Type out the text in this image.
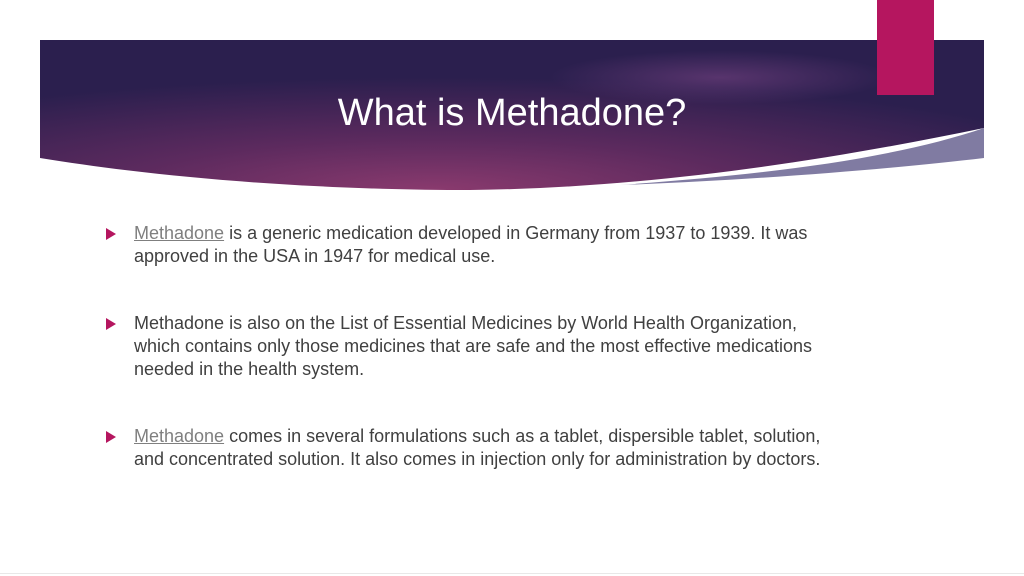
What is Methadone?
Methadone is a generic medication developed in Germany from 1937 to 1939. It was approved in the USA in 1947 for medical use.
Methadone is also on the List of Essential Medicines by World Health Organization, which contains only those medicines that are safe and the most effective medications needed in the health system.
Methadone comes in several formulations such as a tablet, dispersible tablet, solution, and concentrated solution. It also comes in injection only for administration by doctors.
